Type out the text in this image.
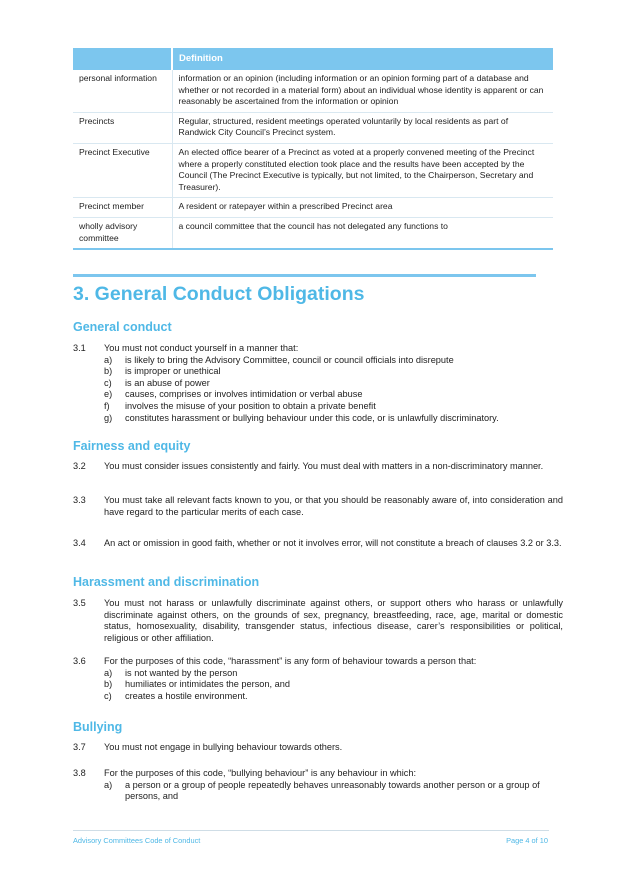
	Definition
personal information	information or an opinion (including information or an opinion forming part of a database and whether or not recorded in a material form) about an individual whose identity is apparent or can reasonably be ascertained from the information or opinion
Precincts	Regular, structured, resident meetings operated voluntarily by local residents as part of Randwick City Council’s Precinct system.
Precinct Executive	An elected office bearer of a Precinct as voted at a properly convened meeting of the Precinct where a properly constituted election took place and the results have been accepted by the Council (The Precinct Executive is typically, but not limited, to the Chairperson, Secretary and Treasurer).
Precinct member	A resident or ratepayer within a prescribed Precinct area
wholly advisory committee	a council committee that the council has not delegated any functions to
3. General Conduct Obligations
General conduct
3.1 You must not conduct yourself in a manner that:
a)	is likely to bring the Advisory Committee, council or council officials into disrepute
b)	is improper or unethical
c)	is an abuse of power
e)	causes, comprises or involves intimidation or verbal abuse
f)	involves the misuse of your position to obtain a private benefit
g)	constitutes harassment or bullying behaviour under this code, or is unlawfully discriminatory.
Fairness and equity
3.2 You must consider issues consistently and fairly. You must deal with matters in a non-discriminatory manner.
3.3 You must take all relevant facts known to you, or that you should be reasonably aware of, into consideration and have regard to the particular merits of each case.
3.4 An act or omission in good faith, whether or not it involves error, will not constitute a breach of clauses 3.2 or 3.3.
Harassment and discrimination
3.5 You must not harass or unlawfully discriminate against others, or support others who harass or unlawfully discriminate against others, on the grounds of sex, pregnancy, breastfeeding, race, age, marital or domestic status, homosexuality, disability, transgender status, infectious disease, carer’s responsibilities or political, religious or other affiliation.
3.6 For the purposes of this code, “harassment” is any form of behaviour towards a person that:
a)	is not wanted by the person
b)	humiliates or intimidates the person, and
c)	creates a hostile environment.
Bullying
3.7 You must not engage in bullying behaviour towards others.
3.8 For the purposes of this code, “bullying behaviour” is any behaviour in which:
a)	a person or a group of people repeatedly behaves unreasonably towards another person or a group of persons, and
Advisory Committees Code of Conduct	Page 4 of 10
